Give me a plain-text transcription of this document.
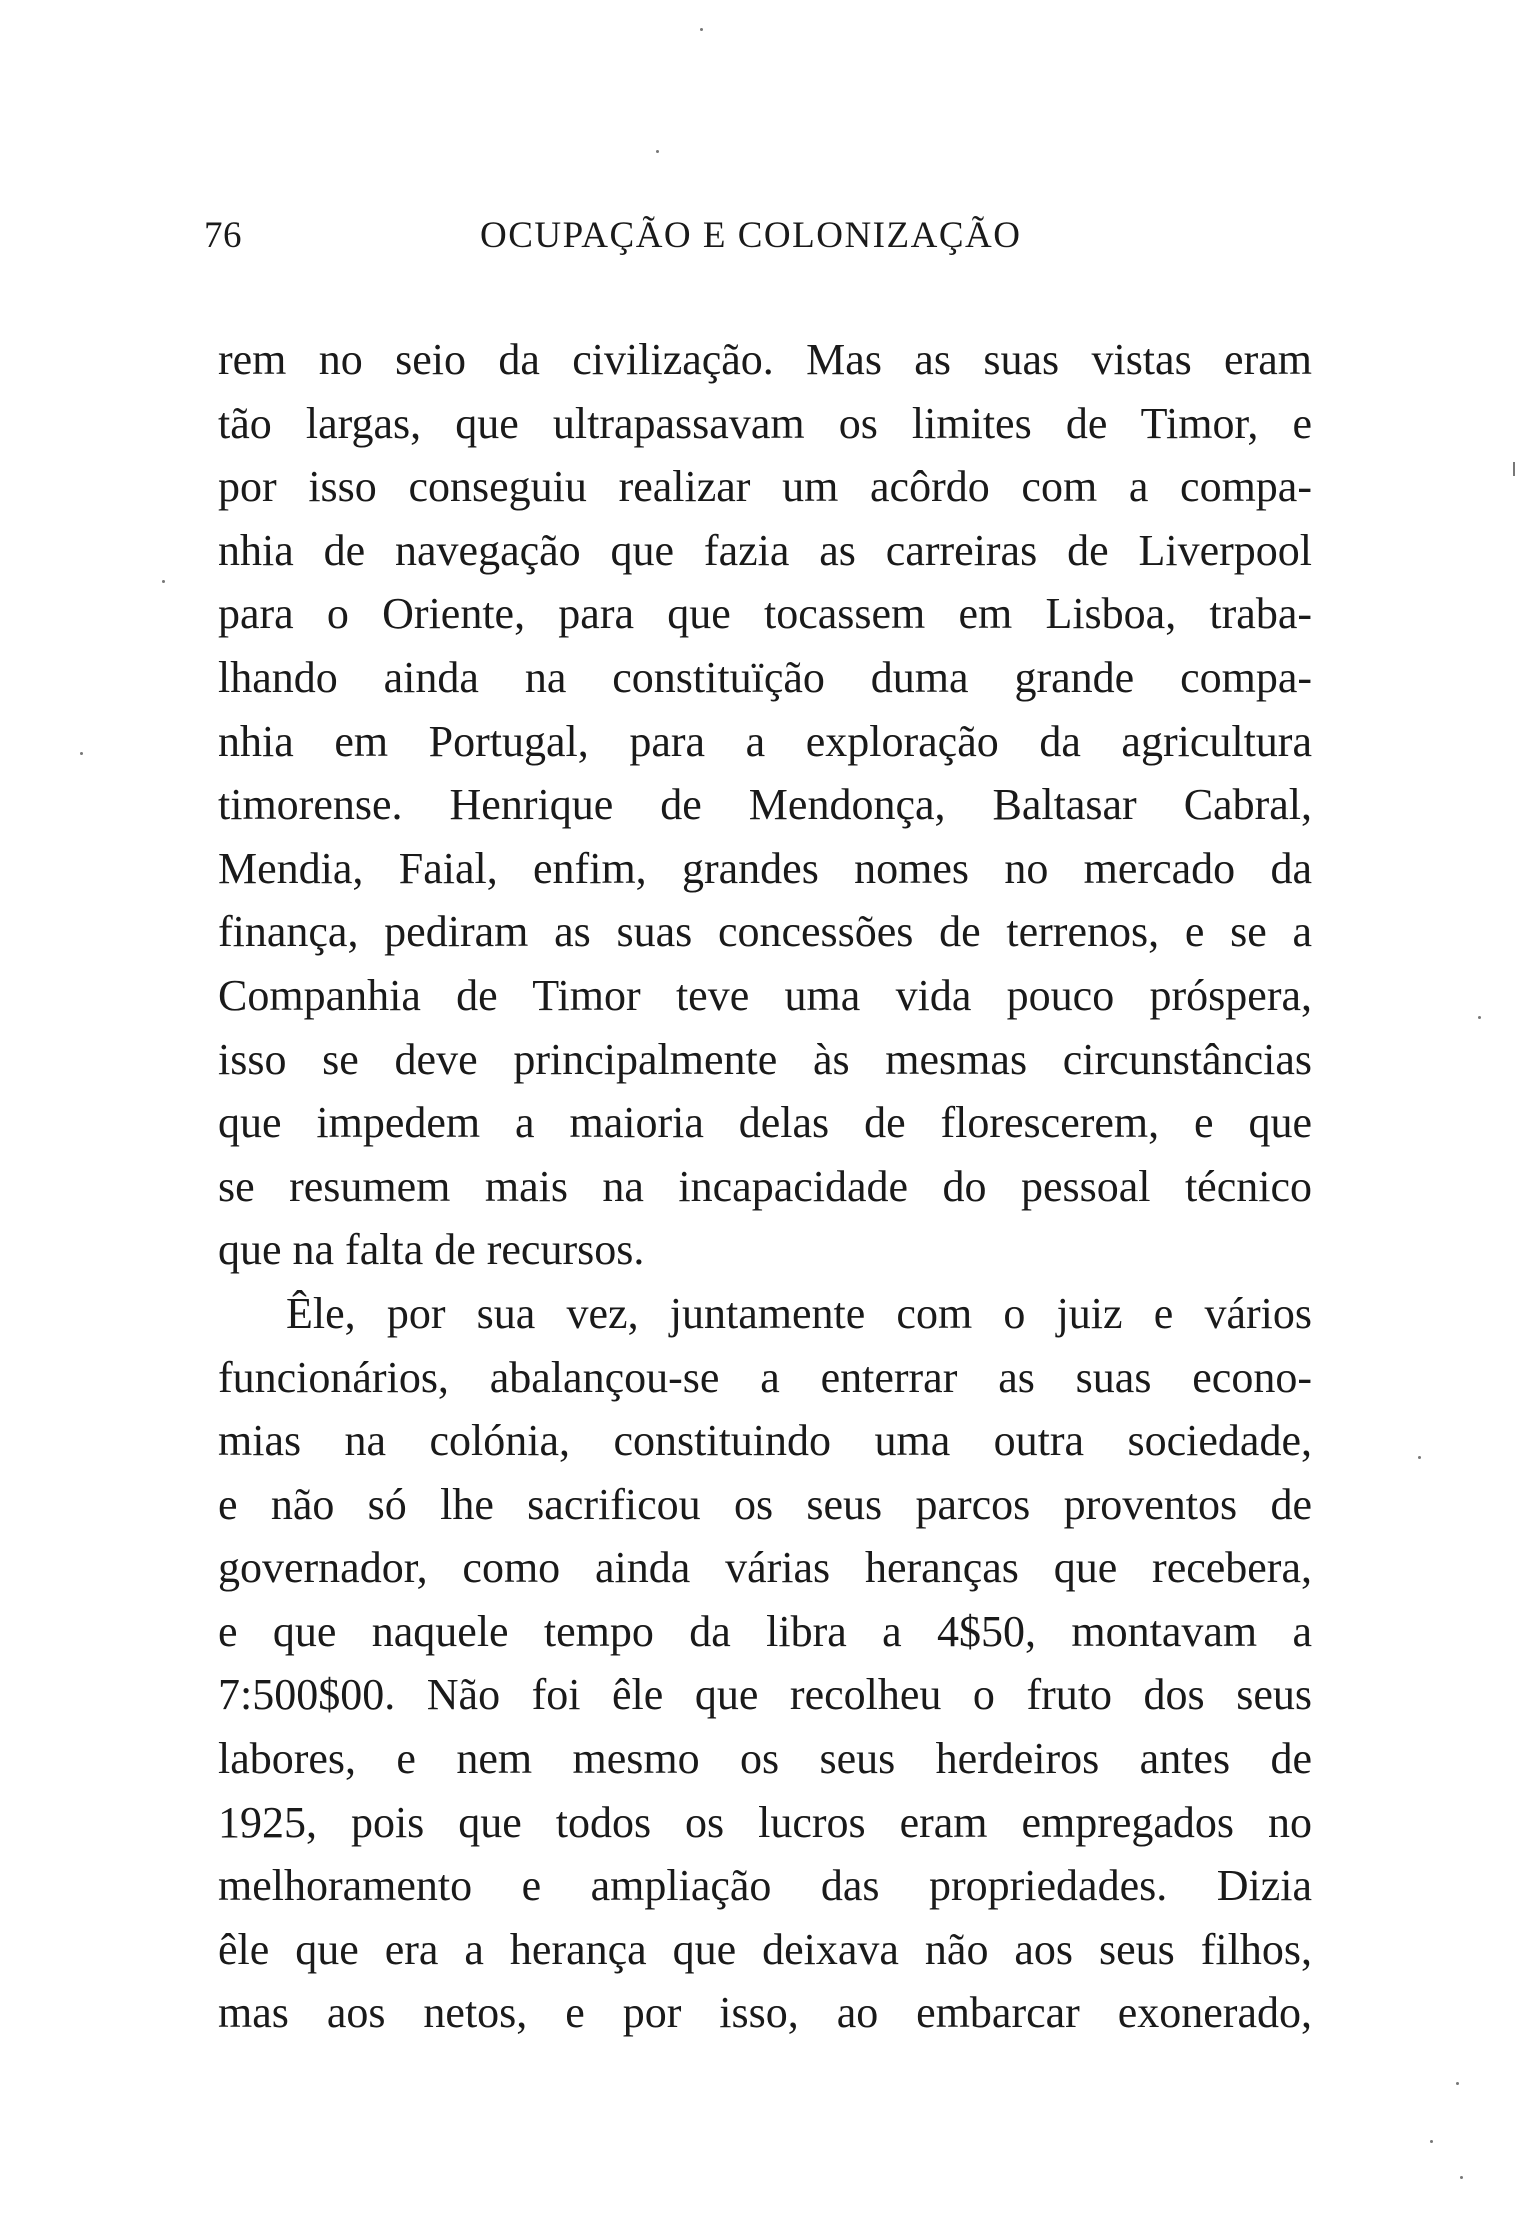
76	OCUPAÇÃO E COLONIZAÇÃO
rem no seio da civilização. Mas as suas vistas eram
tão largas, que ultrapassavam os limites de Timor, e
por isso conseguiu realizar um acôrdo com a compa-
nhia de navegação que fazia as carreiras de Liverpool
para o Oriente, para que tocassem em Lisboa, traba-
lhando ainda na constituïção duma grande compa-
nhia em Portugal, para a exploração da agricultura
timorense. Henrique de Mendonça, Baltasar Cabral,
Mendia, Faial, enfim, grandes nomes no mercado da
finança, pediram as suas concessões de terrenos, e se a
Companhia de Timor teve uma vida pouco próspera,
isso se deve principalmente às mesmas circunstâncias
que impedem a maioria delas de florescerem, e que
se resumem mais na incapacidade do pessoal técnico
que na falta de recursos.
Êle, por sua vez, juntamente com o juiz e vários
funcionários, abalançou-se a enterrar as suas econo-
mias na colónia, constituindo uma outra sociedade,
e não só lhe sacrificou os seus parcos proventos de
governador, como ainda várias heranças que recebera,
e que naquele tempo da libra a 4$50, montavam a
7:500$00. Não foi êle que recolheu o fruto dos seus
labores, e nem mesmo os seus herdeiros antes de
1925, pois que todos os lucros eram empregados no
melhoramento e ampliação das propriedades. Dizia
êle que era a herança que deixava não aos seus filhos,
mas aos netos, e por isso, ao embarcar exonerado,
